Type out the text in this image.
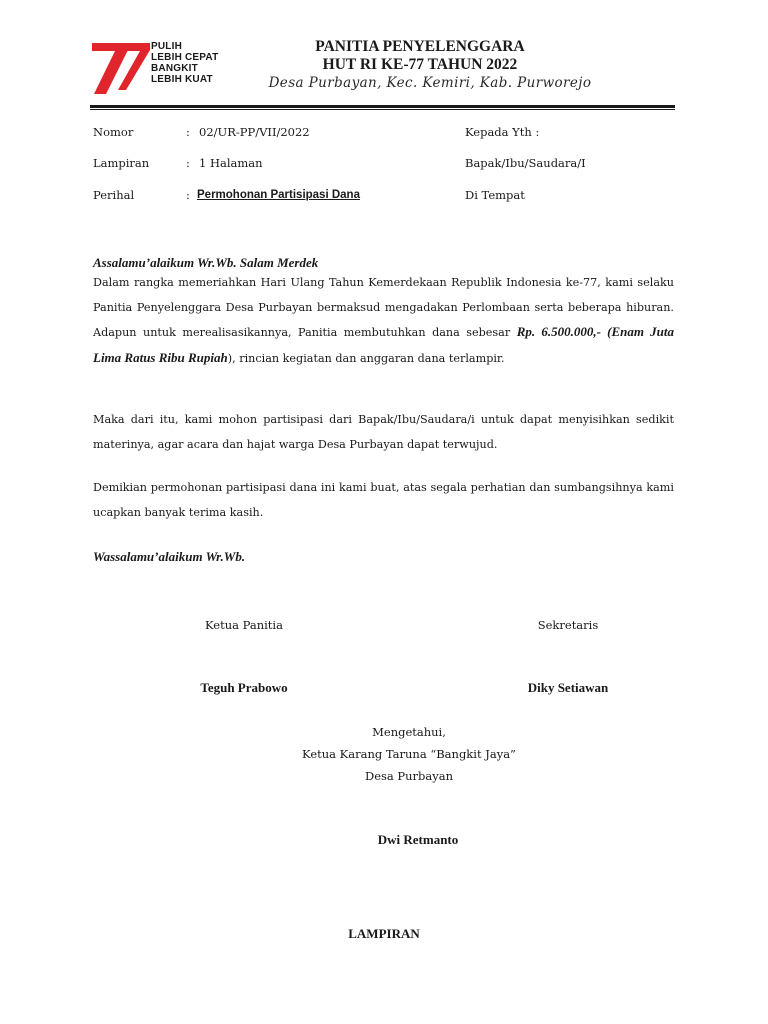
PULIH
LEBIH CEPAT
BANGKIT
LEBIH KUAT
PANITIA PENYELENGGARA
HUT RI KE-77 TAHUN 2022
Desa Purbayan, Kec. Kemiri, Kab. Purworejo
Nomor	: 02/UR-PP/VII/2022
Lampiran	: 1 Halaman
Perihal	: Permohonan Partisipasi Dana
Kepada Yth :
Bapak/Ibu/Saudara/I
Di Tempat
Assalamu’alaikum Wr.Wb. Salam Merdek
Dalam rangka memeriahkan Hari Ulang Tahun Kemerdekaan Republik Indonesia ke-77, kami selaku Panitia Penyelenggara Desa Purbayan bermaksud mengadakan Perlombaan serta beberapa hiburan. Adapun untuk merealisasikannya, Panitia membutuhkan dana sebesar Rp. 6.500.000,- (Enam Juta Lima Ratus Ribu Rupiah), rincian kegiatan dan anggaran dana terlampir.
Maka dari itu, kami mohon partisipasi dari Bapak/Ibu/Saudara/i untuk dapat menyisihkan sedikit materinya, agar acara dan hajat warga Desa Purbayan dapat terwujud.
Demikian permohonan partisipasi dana ini kami buat, atas segala perhatian dan sumbangsihnya kami ucapkan banyak terima kasih.
Wassalamu’alaikum Wr.Wb.
Ketua Panitia	Sekretaris
Teguh Prabowo	Diky Setiawan
Mengetahui,
Ketua Karang Taruna “Bangkit Jaya”
Desa Purbayan
Dwi Retmanto
LAMPIRAN
